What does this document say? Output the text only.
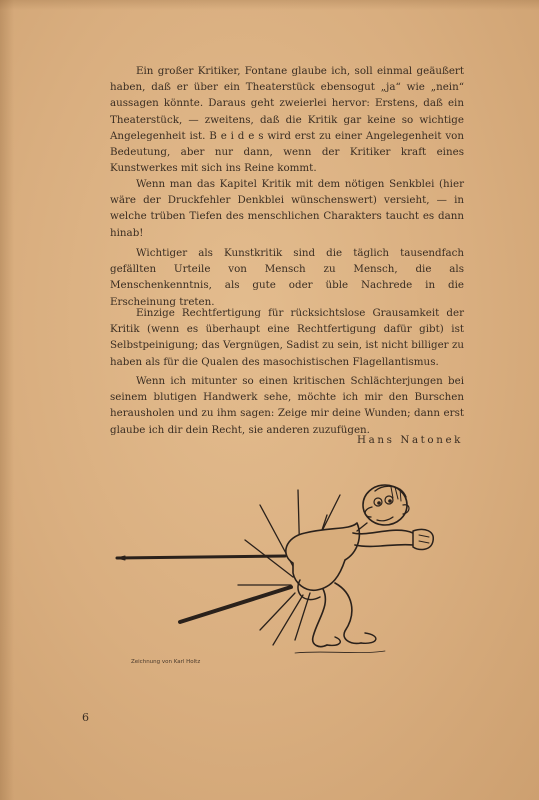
Ein großer Kritiker, Fontane glaube ich, soll einmal geäußert haben, daß er über ein Theaterstück ebensogut „ja“ wie „nein“ aussagen könnte. Daraus geht zweierlei hervor: Erstens, daß ein Theaterstück, — zweitens, daß die Kritik gar keine so wichtige Angelegenheit ist. B e i d e s wird erst zu einer Angelegenheit von Bedeutung, aber nur dann, wenn der Kritiker kraft eines Kunstwerkes mit sich ins Reine kommt.

Wenn man das Kapitel Kritik mit dem nötigen Senkblei (hier wäre der Druckfehler Denkblei wünschenswert) versieht, — in welche trüben Tiefen des menschlichen Charakters taucht es dann hinab!

Wichtiger als Kunstkritik sind die täglich tausendfach gefällten Urteile von Mensch zu Mensch, die als Menschenkenntnis, als gute oder üble Nachrede in die Erscheinung treten.

Einzige Rechtfertigung für rücksichtslose Grausamkeit der Kritik (wenn es überhaupt eine Rechtfertigung dafür gibt) ist Selbstpeinigung; das Vergnügen, Sadist zu sein, ist nicht billiger zu haben als für die Qualen des masochistischen Flagellantismus.

Wenn ich mitunter so einen kritischen Schlächterjungen bei seinem blutigen Handwerk sehe, möchte ich mir den Burschen herausholen und zu ihm sagen: Zeige mir deine Wunden; dann erst glaube ich dir dein Recht, sie anderen zuzufügen.

Hans Natonek
Zeichnung von Karl Holtz
6
